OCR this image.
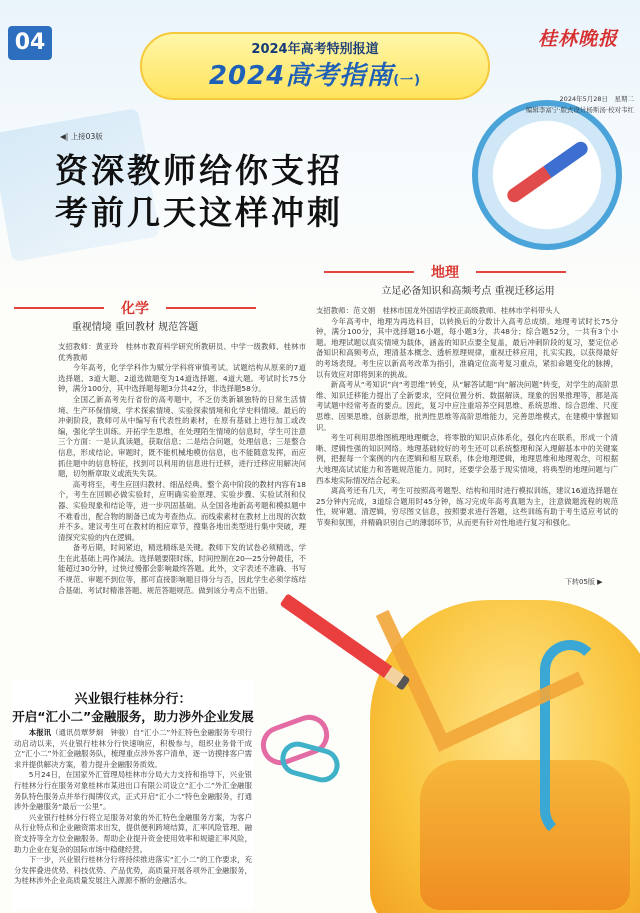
04	2024年高考特别报道
2024高考指南(一)
桂林晚报
2024年5月28日　星期二
编辑李富宁·版式设计杨斯汤·校对韦红
◀| 上接03版
资深教师给你支招
考前几天这样冲刺
地理
立足必备知识和高频考点 重视迁移运用

支招教师：范文娟　桂林市国龙外国语学校正高级教师、桂林市学科带头人

今年高考中，地理为再选科目，以转换后的分数计入高考总成绩。地理考试时长75分钟，满分100分，其中选择题16小题，每小题3分，共48分；综合题52分，一共有3个小题。地理试题以真实情境为载体，涵盖的知识点要全复盖，最后冲刺阶段的复习，要定位必备知识和高频考点，理清基本概念、透析原理规律，重视迁移应用，扎实实践，以获得最好的考场表现。考生应以新高考改革为指引，准确定位高考复习重点，紧扣命题变化的脉搏，以有效应对即将到来的挑战。

新高考从“考知识”向“考思维”转变，从“解答试题”向“解决问题”转变，对学生的高阶思维、知识迁移能力提出了全新要求，空间位置分析、数据解读、现象的因果推理等，都是高考试题中经常考查的要点。因此，复习中应注重培养空间思维、系统思维、综合思维、尺度思维、因果思维、创新思维，批判性思维等高阶思维能力，完善思维模式，在建模中掌握知识。

考生可利用思维图梳理地理概念，将零散的知识点体系化，强化内在联系，形成一个清晰、逻辑性强的知识网络。地理基础较好的考生还可以系统整理和深入理解基本中的关键案例，把握每一个案例的内在逻辑和相互联系，体会地理逻辑，地理思维和地理观念，可根据大地理高试试能力和答题规范能力。同时，还要学会基于现实情境，将典型的地理问题与广西本地实际情况结合起来。

离高考还有几天，考生可按照高考题型、结构和用时进行模拟训练，建议16道选择题在25分钟内完成，3道综合题用时45分钟，练习完成年高考真题为主，注意做题流程的规范性，规审题、清逻辑，穷尽图文信息，按照要求进行答题，这些训练有助于考生适应考试的节奏和氛围，并精确识别自己的薄弱环节，从而更有针对性地进行复习和强化。

下转05版 ▶
化学
重视情境 重回教材 规范答题

支招教师：黄亚玲　桂林市教育科学研究所教研员、中学一级教师、桂林市优秀教师

今年高考，化学学科作为赋分学科将审慎考试。试题结构从原来的7道选择题、3道大题、2道选做题变为14道选择题、4道大题。考试时长75分钟，满分100分，其中选择题每题3分共42分，非选择题58分。

全国乙新高考先行省份的高考题中，不乏仿类新颖独特的日常生活情境、生产环保情境、学术探索情境、实验探索情境和化学史料情境。最后的冲刺阶段，教师可从中编写有代表性的素材，在原有基础上进行加工或改编，强化学生训练。开拓学生思维，在处理陌生情境的信息时，学生可注意三个方面：一是认真读题，获取信息；二是结合问题，处理信息；三是整合信息，形成结论。审题时，既不能机械地模仿信息，也不能随意发挥，而应抓住题中的信息特征，找到可以利用的信息进行迁移，进行迁移应用解决问题，切勿断章取义或流失失误。

高考将至，考生应回归教材、细品经典。整个高中阶段的教材内容有18个，考生在回顾必做实验时，应明确实验原理、实验步骤、实验试剂和仪器、实验现象和结论等，进一步巩固基础。从全国各地新高考题和模拟题中不难看出，配合物的制备已成为考查热点。而线索素材在教材上出现的次数并不多。建议考生可在教材的相应章节，搜集各地出类型进行集中突破，理清探究实验的内在逻辑。

备考后期，时间紧迫，精选精练是关键。教师下发的试卷必须精选，学生在此基础上再作减法。选择题要限时练，时间控制在20—25分钟最佳，不能超过30分钟，过快过慢都会影响最终答题。此外，文字表述不准确、书写不规范、审题不到位等，都可直接影响题目得分与否，因此学生必须学练结合基础、考试时精准答题、规范答题规范。做到该分考点不出错。

兴业银行桂林分行：
开启“汇小二”金融服务，助力涉外企业发展

本报讯（通讯员覃梦炯　钟骏）自“汇小二”外汇特色金融服务专项行动启动以来，兴业银行桂林分行快速响应，积极参与，组织业务骨干成立“汇小二”外汇金融服务队，梳理重点涉外客户清单，逐一访摸排客户需求并提供解决方案，着力提升金融服务质效。

5月24日，在国家外汇管理局桂林市分局大力支持和指导下，兴业银行桂林分行在服务对象桂林市某进出口有限公司设立“汇小二”外汇金融服务队特色服务点并举行揭牌仪式，正式开启“汇小二”特色金融服务，打通涉外金融服务“最后一公里”。

兴业银行桂林分行将立足服务对象的外汇特色金融服务方案，为客户从行业特点和企业融资需求出发，提供便利跨境结算，汇率风险管理、融资支持等全方位金融服务。帮助企业提升资金使用效率和规避汇率风险，助力企业在复杂的国际市场中稳健经营。

下一步，兴业银行桂林分行将持续推进落实“汇小二”的工作要求，充分发挥叠进优势、科技优势、产品优势，高质量开展各项外汇金融服务，为桂林涉外企业高质量发展注入源源不断的金融活水。
